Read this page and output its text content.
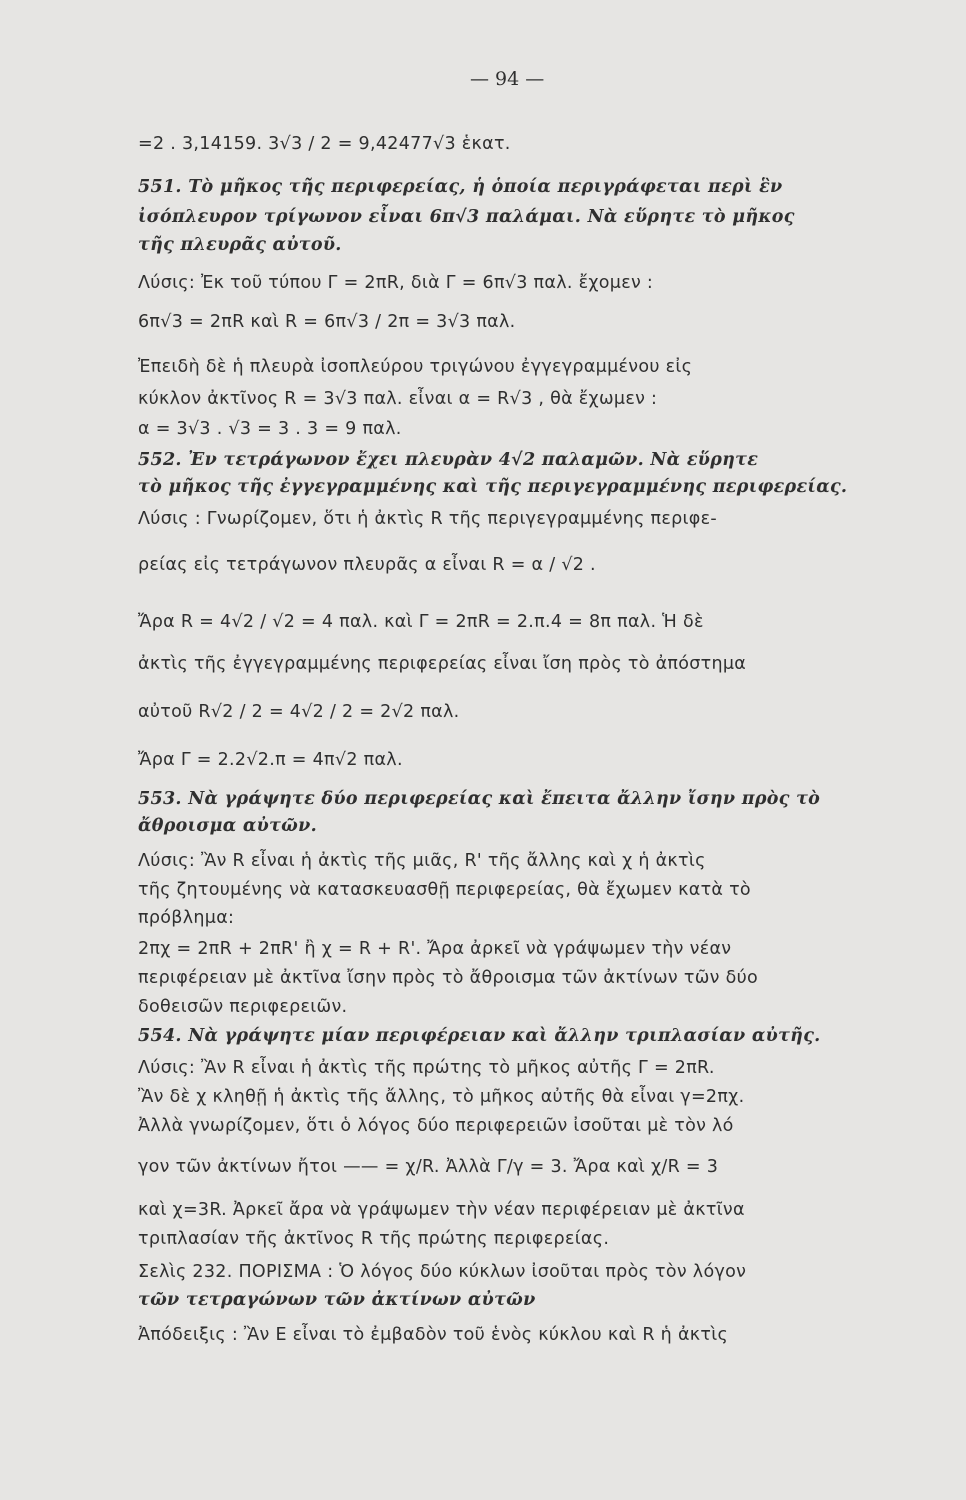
— 94 —
=2 . 3,14159. 3√3 / 2 = 9,42477√3 ἑκατ.
551. Τὸ μῆκος τῆς περιφερείας, ἡ ὁποία περιγράφεται περὶ ἓν
ἰσόπλευρον τρίγωνον εἶναι 6π√3 παλάμαι. Νὰ εὕρητε τὸ μῆκος
τῆς πλευρᾶς αὐτοῦ.
Λύσις: Ἐκ τοῦ τύπου Γ = 2πR, διὰ Γ = 6π√3 παλ. ἔχομεν :
6π√3 = 2πR καὶ R = 6π√3 / 2π = 3√3 παλ.
Ἐπειδὴ δὲ ἡ πλευρὰ ἰσοπλεύρου τριγώνου ἐγγεγραμμένου εἰς
κύκλον ἀκτῖνος R = 3√3 παλ. εἶναι α = R√3 , θὰ ἔχωμεν :
α = 3√3 . √3 = 3 . 3 = 9 παλ.
552. Ἐν τετράγωνον ἔχει πλευρὰν 4√2 παλαμῶν. Νὰ εὕρητε
τὸ μῆκος τῆς ἐγγεγραμμένης καὶ τῆς περιγεγραμμένης περιφερείας.
Λύσις : Γνωρίζομεν, ὅτι ἡ ἀκτὶς R τῆς περιγεγραμμένης περιφε-
ρείας εἰς τετράγωνον πλευρᾶς α εἶναι R = α / √2 .
Ἄρα R = 4√2 / √2 = 4 παλ. καὶ Γ = 2πR = 2.π.4 = 8π παλ. Ἡ δὲ
ἀκτὶς τῆς ἐγγεγραμμένης περιφερείας εἶναι ἴση πρὸς τὸ ἀπόστημα
αὐτοῦ R√2 / 2 = 4√2 / 2 = 2√2 παλ.
Ἄρα Γ = 2.2√2.π = 4π√2 παλ.
553. Νὰ γράψητε δύο περιφερείας καὶ ἔπειτα ἄλλην ἴσην πρὸς τὸ
ἄθροισμα αὐτῶν.
Λύσις: Ἂν R εἶναι ἡ ἀκτὶς τῆς μιᾶς, R' τῆς ἄλλης καὶ χ ἡ ἀκτὶς
τῆς ζητουμένης νὰ κατασκευασθῇ περιφερείας, θὰ ἔχωμεν κατὰ τὸ
πρόβλημα:
2πχ = 2πR + 2πR' ἢ χ = R + R'. Ἄρα ἀρκεῖ νὰ γράψωμεν τὴν νέαν
περιφέρειαν μὲ ἀκτῖνα ἴσην πρὸς τὸ ἄθροισμα τῶν ἀκτίνων τῶν δύο
δοθεισῶν περιφερειῶν.
554. Νὰ γράψητε μίαν περιφέρειαν καὶ ἄλλην τριπλασίαν αὐτῆς.
Λύσις: Ἂν R εἶναι ἡ ἀκτὶς τῆς πρώτης τὸ μῆκος αὐτῆς Γ = 2πR.
Ἂν δὲ χ κληθῇ ἡ ἀκτὶς τῆς ἄλλης, τὸ μῆκος αὐτῆς θὰ εἶναι γ=2πχ.
Ἀλλὰ γνωρίζομεν, ὅτι ὁ λόγος δύο περιφερειῶν ἰσοῦται μὲ τὸν λό
γον τῶν ἀκτίνων ἤτοι —— = χ/R. Ἀλλὰ Γ/γ = 3. Ἄρα καὶ χ/R = 3
καὶ χ=3R. Ἀρκεῖ ἄρα νὰ γράψωμεν τὴν νέαν περιφέρειαν μὲ ἀκτῖνα
τριπλασίαν τῆς ἀκτῖνος R τῆς πρώτης περιφερείας.
Σελὶς 232. ΠΟΡΙΣΜΑ : Ὁ λόγος δύο κύκλων ἰσοῦται πρὸς τὸν λόγον
τῶν τετραγώνων τῶν ἀκτίνων αὐτῶν
Ἀπόδειξις : Ἂν Ε εἶναι τὸ ἐμβαδὸν τοῦ ἑνὸς κύκλου καὶ R ἡ ἀκτὶς
